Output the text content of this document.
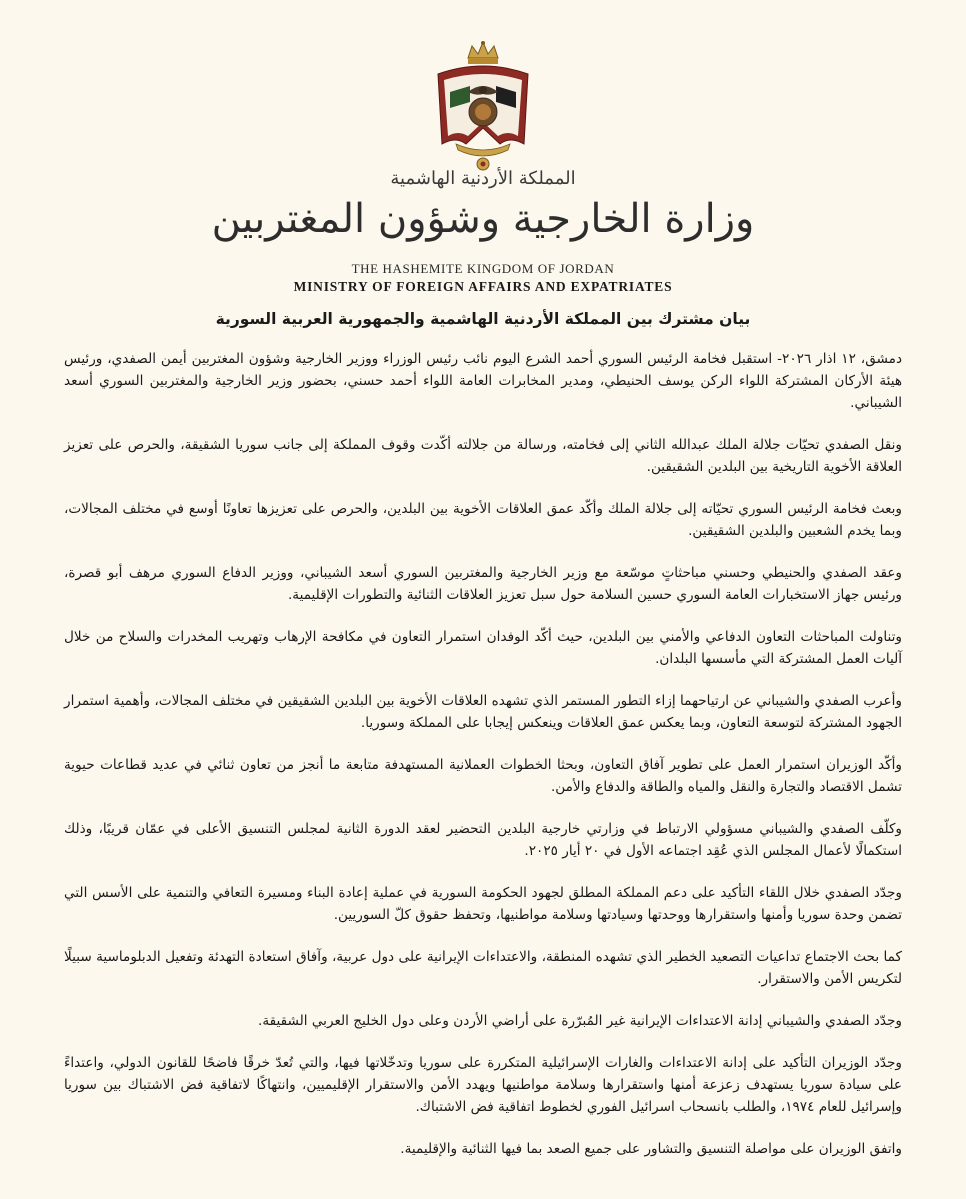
المملكة الأردنية الهاشمية
وزارة الخارجية وشؤون المغتربين
THE HASHEMITE KINGDOM OF JORDAN
MINISTRY OF FOREIGN AFFAIRS AND EXPATRIATES
بيان مشترك بين المملكة الأردنية الهاشمية والجمهورية العربية السورية

دمشق، ١٢ اذار ٢٠٢٦- استقبل فخامة الرئيس السوري أحمد الشرع اليوم نائب رئيس الوزراء ووزير الخارجية وشؤون المغتربين أيمن الصفدي، ورئيس هيئة الأركان المشتركة اللواء الركن يوسف الحنيطي، ومدير المخابرات العامة اللواء أحمد حسني، بحضور وزير الخارجية والمغتربين السوري أسعد الشيباني.

ونقل الصفدي تحيّات جلالة الملك عبدالله الثاني إلى فخامته، ورسالة من جلالته أكّدت وقوف المملكة إلى جانب سوريا الشقيقة، والحرص على تعزيز العلاقة الأخوية التاريخية بين البلدين الشقيقين.

وبعث فخامة الرئيس السوري تحيّاته إلى جلالة الملك وأكّد عمق العلاقات الأخوية بين البلدين، والحرص على تعزيزها تعاونًا أوسع في مختلف المجالات، وبما يخدم الشعبين والبلدين الشقيقين.

وعقد الصفدي والحنيطي وحسني مباحثاتٍ موسّعة مع وزير الخارجية والمغتربين السوري أسعد الشيباني، ووزير الدفاع السوري مرهف أبو قصرة، ورئيس جهاز الاستخبارات العامة السوري حسين السلامة حول سبل تعزيز العلاقات الثنائية والتطورات الإقليمية.

وتناولت المباحثات التعاون الدفاعي والأمني بين البلدين، حيث أكّد الوفدان استمرار التعاون في مكافحة الإرهاب وتهريب المخدرات والسلاح من خلال آليات العمل المشتركة التي مأسسها البلدان.

وأعرب الصفدي والشيباني عن ارتياحهما إزاء التطور المستمر الذي تشهده العلاقات الأخوية بين البلدين الشقيقين في مختلف المجالات، وأهمية استمرار الجهود المشتركة لتوسعة التعاون، وبما يعكس عمق العلاقات وينعكس إيجابا على المملكة وسوريا.

وأكّد الوزيران استمرار العمل على تطوير آفاق التعاون، وبحثا الخطوات العملانية المستهدفة متابعة ما أنجز من تعاون ثنائي في عديد قطاعات حيوية تشمل الاقتصاد والتجارة والنقل والمياه والطاقة والدفاع والأمن.

وكلّف الصفدي والشيباني مسؤولي الارتباط في وزارتي خارجية البلدين التحضير لعقد الدورة الثانية لمجلس التنسيق الأعلى في عمّان قريبًا، وذلك استكمالًا لأعمال المجلس الذي عُقِد اجتماعه الأول في ٢٠ أيار ٢٠٢٥.

وجدّد الصفدي خلال اللقاء التأكيد على دعم المملكة المطلق لجهود الحكومة السورية في عملية إعادة البناء ومسيرة التعافي والتنمية على الأسس التي تضمن وحدة سوريا وأمنها واستقرارها ووحدتها وسيادتها وسلامة مواطنيها، وتحفظ حقوق كلّ السوريين.

كما بحث الاجتماع تداعيات التصعيد الخطير الذي تشهده المنطقة، والاعتداءات الإيرانية على دول عربية، وآفاق استعادة التهدئة وتفعيل الدبلوماسية سبيلًا لتكريس الأمن والاستقرار.

وجدّد الصفدي والشيباني إدانة الاعتداءات الإيرانية غير المُبرّرة على أراضي الأردن وعلى دول الخليج العربي الشقيقة.

وجدّد الوزيران التأكيد على إدانة الاعتداءات والغارات الإسرائيلية المتكررة على سوريا وتدخّلاتها فيها، والتي تُعدّ خرقًا فاضحًا للقانون الدولي، واعتداءً على سيادة سوريا يستهدف زعزعة أمنها واستقرارها وسلامة مواطنيها ويهدد الأمن والاستقرار الإقليميين، وانتهاكًا لاتفاقية فض الاشتباك بين سوريا وإسرائيل للعام ١٩٧٤، والطلب بانسحاب اسرائيل الفوري لخطوط اتفاقية فض الاشتباك.

واتفق الوزيران على مواصلة التنسيق والتشاور على جميع الصعد بما فيها الثنائية والإقليمية.
